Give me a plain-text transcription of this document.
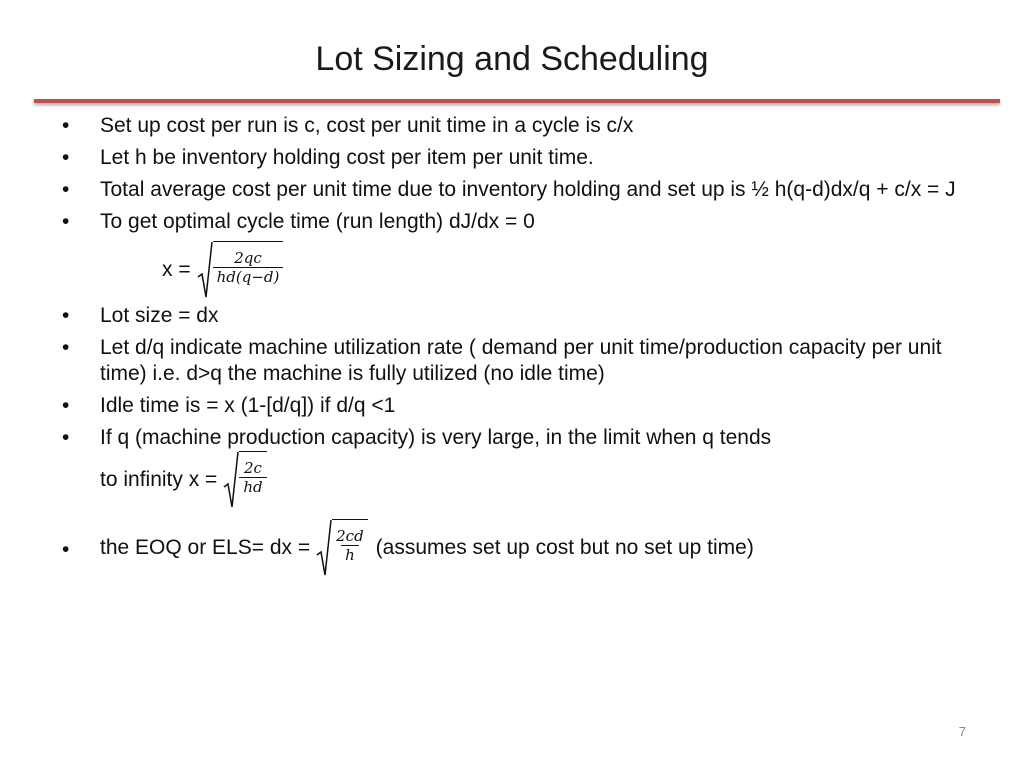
Lot Sizing and Scheduling
• Set up cost per run is c, cost per unit time in a cycle is c/x
• Let h be inventory holding cost per item per unit time.
• Total average cost per unit time due to inventory holding and set up is ½ h(q-d)dx/q + c/x = J
• To get optimal cycle time (run length) dJ/dx = 0
$x = \frac{2qc}{hd(q-d)}$
• Lot size = dx
• Let d/q indicate machine utilization rate ( demand per unit time/production capacity per unit time) i.e. d>q the machine is fully utilized (no idle time)
• Idle time is = x (1-[d/q]) if d/q <1
• If q (machine production capacity) is very large, in the limit when q tends
to infinity $x = \frac{2c}{hd}$
• the EOQ or ELS= dx = $\frac{2cd}{h}$ (assumes set up cost but no set up time)
7
